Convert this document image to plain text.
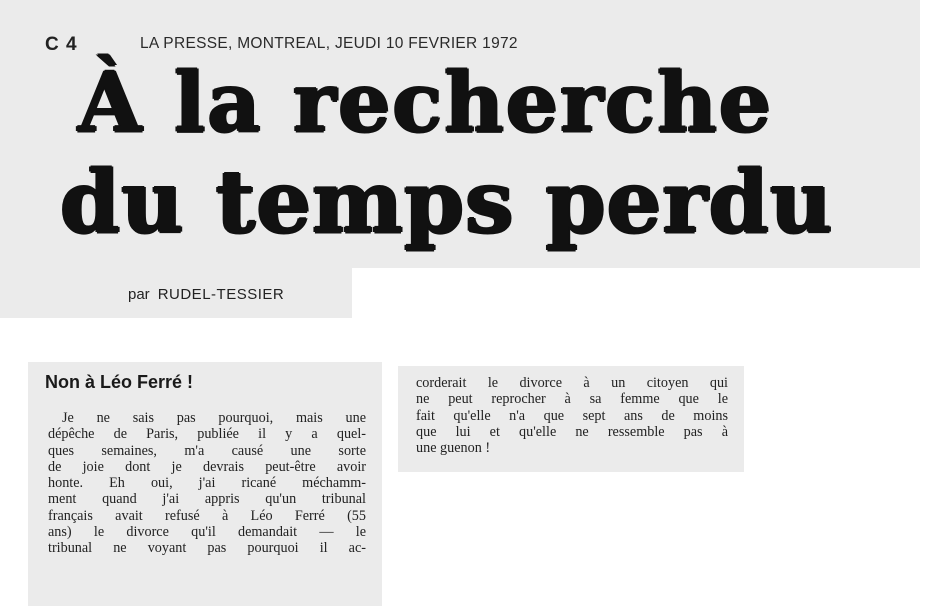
C 4	LA PRESSE, MONTREAL, JEUDI 10 FEVRIER 1972
À la recherche
du temps perdu
par RUDEL-TESSIER
Non à Léo Ferré !
Je ne sais pas pourquoi, mais une
dépêche de Paris, publiée il y a quel-
ques semaines, m'a causé une sorte
de joie dont je devrais peut-être avoir
honte. Eh oui, j'ai ricané méchamm-
ment quand j'ai appris qu'un tribunal
français avait refusé à Léo Ferré (55
ans) le divorce qu'il demandait — le
tribunal ne voyant pas pourquoi il ac-
corderait le divorce à un citoyen qui
ne peut reprocher à sa femme que le
fait qu'elle n'a que sept ans de moins
que lui et qu'elle ne ressemble pas à
une guenon !
